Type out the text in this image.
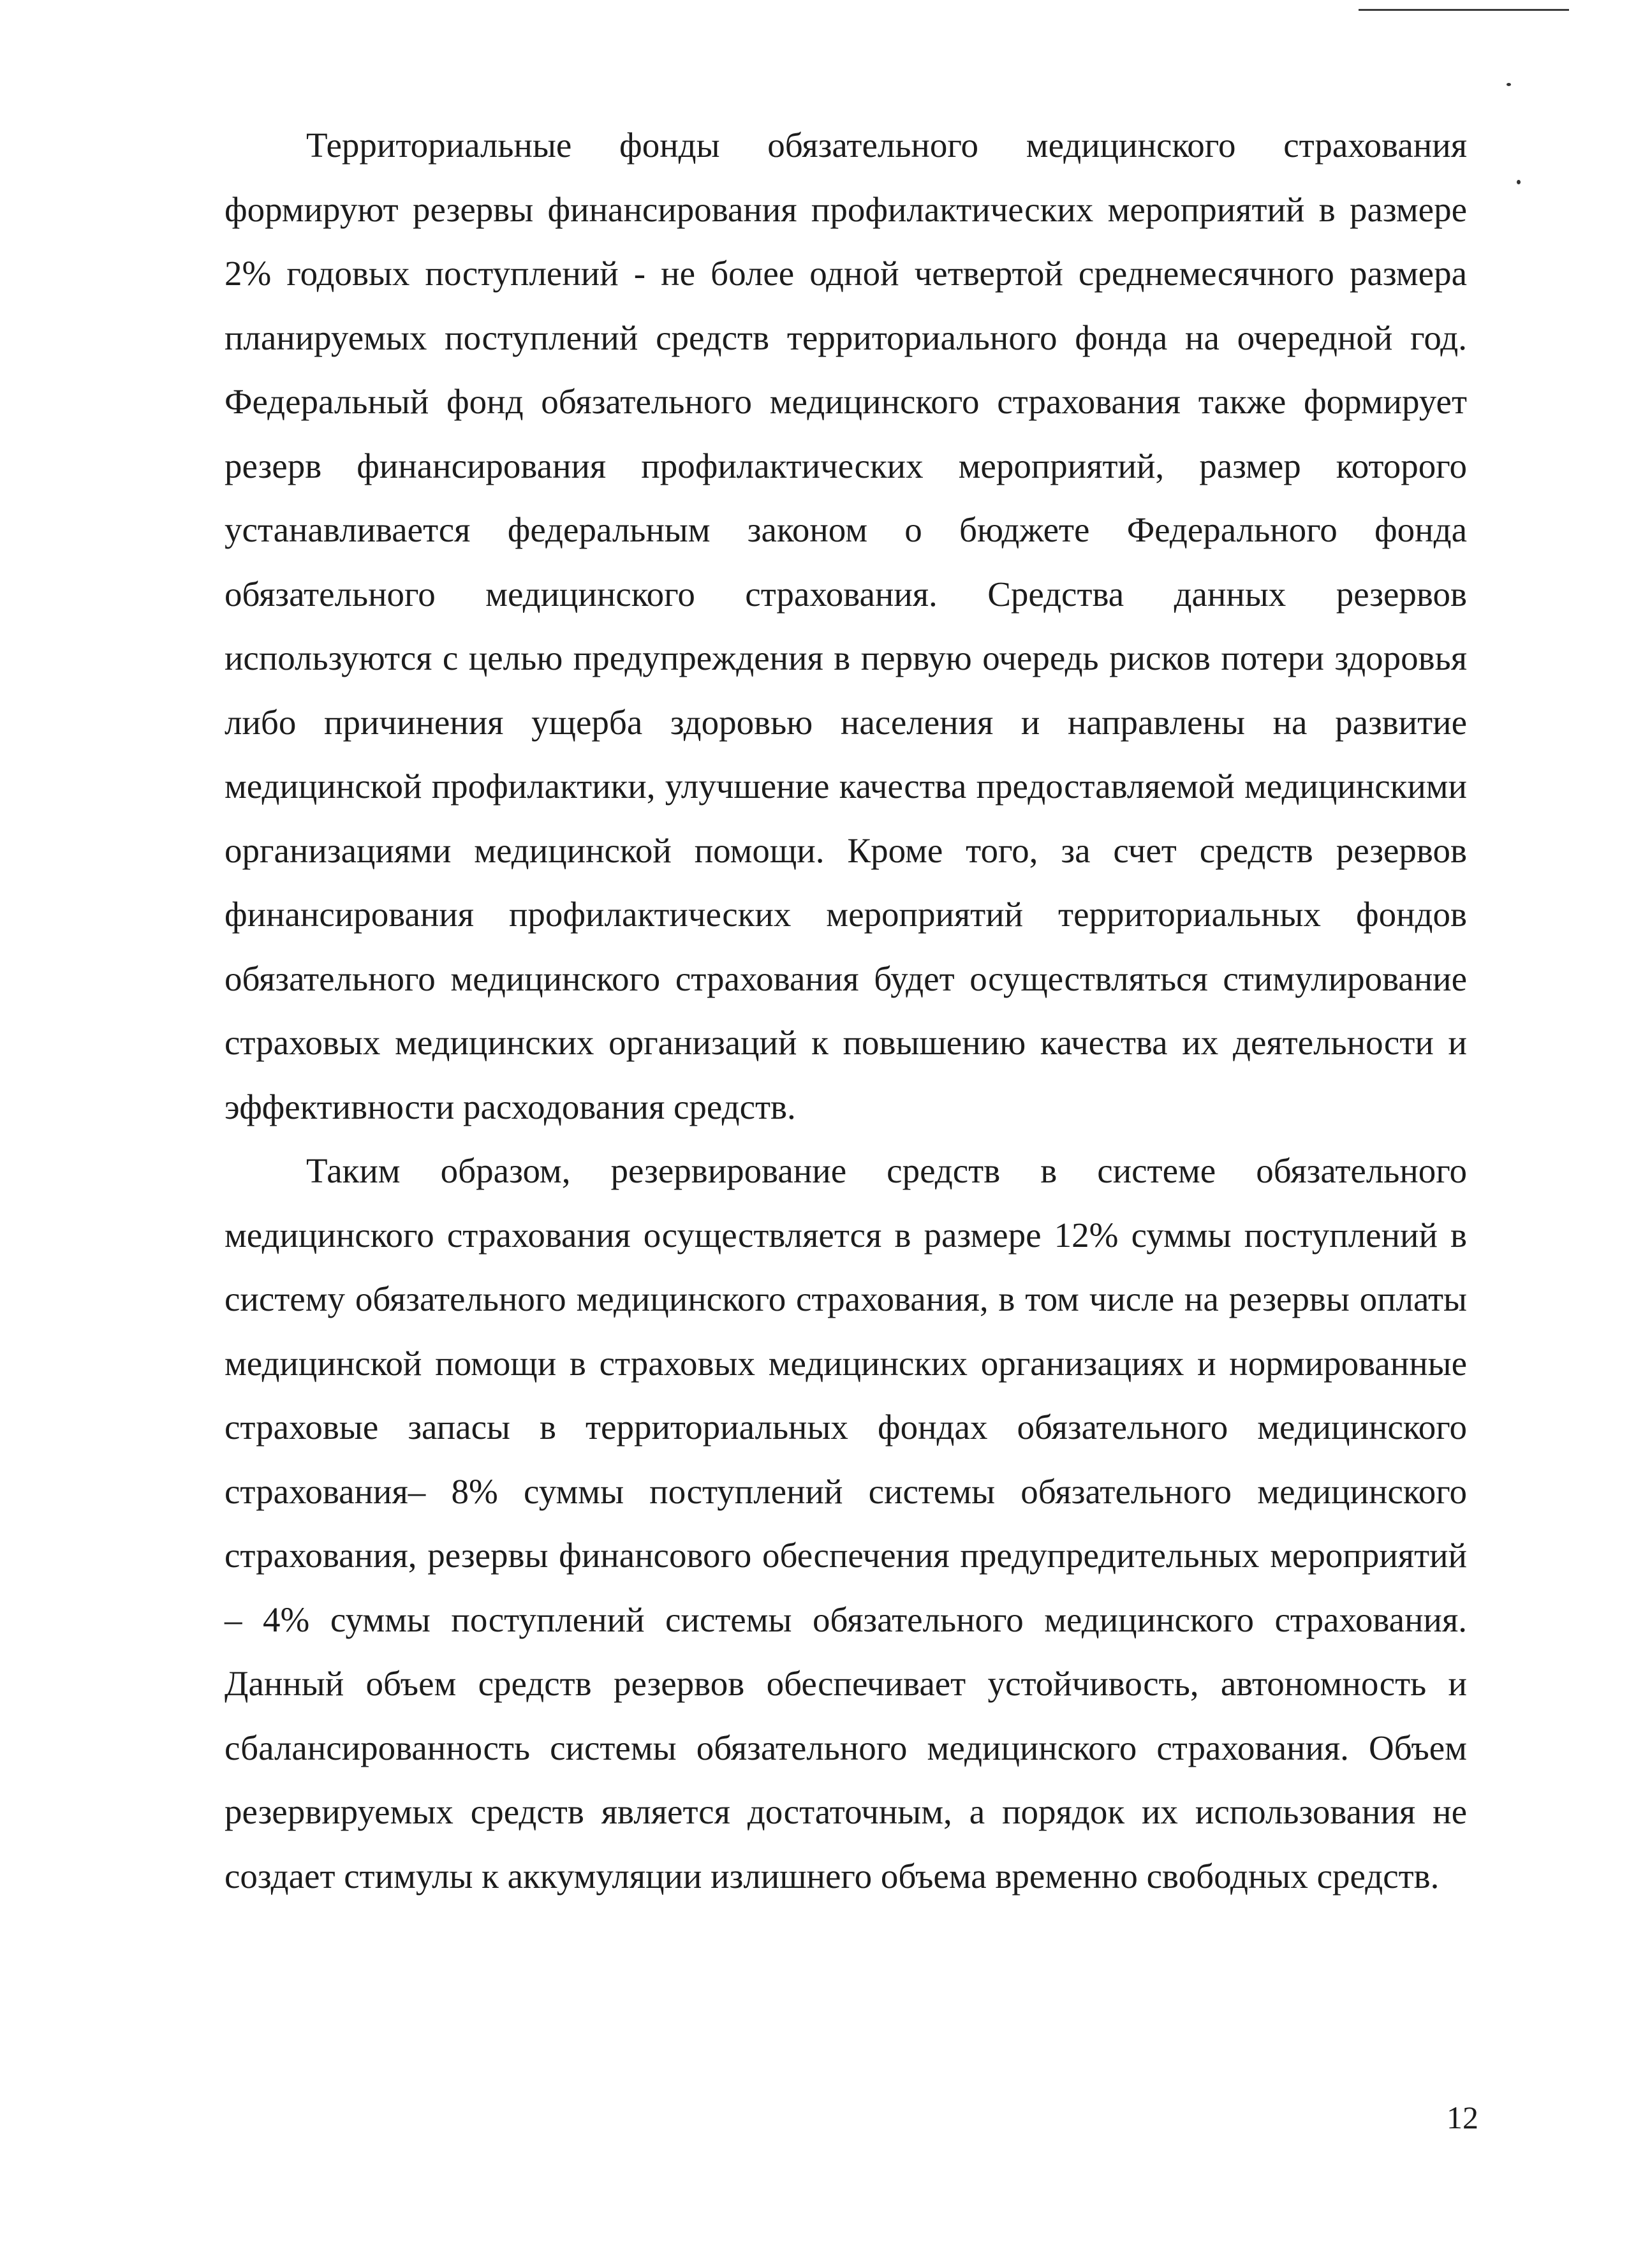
Территориальные фонды обязательного медицинского страхования формируют резервы финансирования профилактических мероприятий в размере 2% годовых поступлений - не более одной четвертой среднемесячного размера планируемых поступлений средств территориального фонда на очередной год. Федеральный фонд обязательного медицинского страхования также формирует резерв финансирования профилактических мероприятий, размер которого устанавливается федеральным законом о бюджете Федерального фонда обязательного медицинского страхования. Средства данных резервов используются с целью предупреждения в первую очередь рисков потери здоровья либо причинения ущерба здоровью населения и направлены на развитие медицинской профилактики, улучшение качества предоставляемой медицинскими организациями медицинской помощи. Кроме того, за счет средств резервов финансирования профилактических мероприятий территориальных фондов обязательного медицинского страхования будет осуществляться стимулирование страховых медицинских организаций к повышению качества их деятельности и эффективности расходования средств.

Таким образом, резервирование средств в системе обязательного медицинского страхования осуществляется в размере 12% суммы поступлений в систему обязательного медицинского страхования, в том числе на резервы оплаты медицинской помощи в страховых медицинских организациях и нормированные страховые запасы в территориальных фондах обязательного медицинского страхования– 8% суммы поступлений системы обязательного медицинского страхования, резервы финансового обеспечения предупредительных мероприятий – 4% суммы поступлений системы обязательного медицинского страхования. Данный объем средств резервов обеспечивает устойчивость, автономность и сбалансированность системы обязательного медицинского страхования. Объем резервируемых средств является достаточным, а порядок их использования не создает стимулы к аккумуляции излишнего объема временно свободных средств.

12
